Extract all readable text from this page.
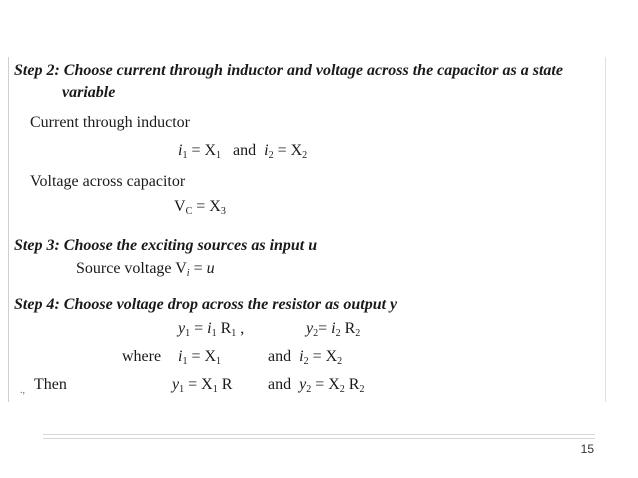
Step 2: Choose current through inductor and voltage across the capacitor as a state
variable
Current through inductor
$i_1 = X_1$ and $i_2 = X_2$
Voltage across capacitor
$V_C = X_3$
Step 3: Choose the exciting sources as input u
Source voltage $V_i = u$
Step 4: Choose voltage drop across the resistor as output y
$y_1 = i_1$ $R_1$ ,	$y_2= i_2$ $R_2$
where $i_1 = X_1$	and $i_2 = X_2$
., Then	$y_1 = X_1$ R and $y_2 = X_2$ $R_2$
15
